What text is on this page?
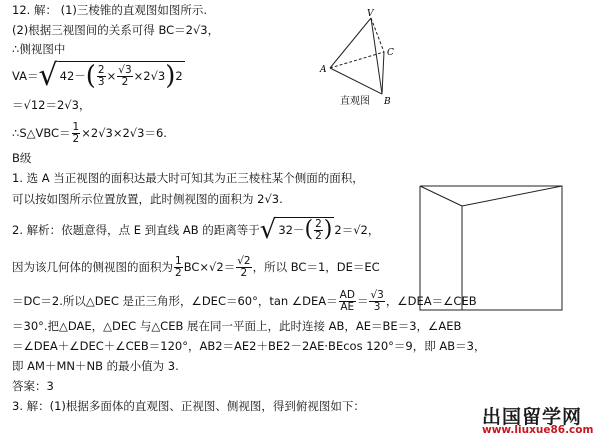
12. 解： (1)三棱锥的直观图如图所示.
(2)根据三视图间的关系可得 BC＝2√3，
∴侧视图中
VA＝ √ 42－ ( $\frac{2}{3} \times \frac{√3}{2} \times 2$ √3 ) 2
＝√12＝2√3，
∴S△VBC＝ $\frac{1}{2} \times 2$ √3 ×2 √3 ＝6.
V
A
B
C
直观图
B级
1. 选 A 当正视图的面积达最大时可知其为正三棱柱某个侧面的面积，
可以按如图所示位置放置，此时侧视图的面积为 2√3.
2. 解析：依题意得，点 E 到直线 AB 的距离等于 √ 32－ ( $\frac{2}{2}$ ) 2＝ √2 ，
因为该几何体的侧视图的面积为 $\frac{1}{2} BC\times √2 = \frac{√2}{2}$ ，所以 BC＝1，DE＝EC
＝DC＝2.所以△DEC 是正三角形，∠DEC＝60°，tan ∠DEA＝ $\frac{AD}{AE} = \frac{√3}{3}$ ，∠DEA＝∠CEB
＝30°.把△DAE，△DEC 与△CEB 展在同一平面上，此时连接 AB，AE＝BE＝3，∠AEB
＝∠DEA＋∠DEC＋∠CEB＝120°，AB2＝AE2＋BE2－2AE·BEcos 120°＝9，即 AB＝3，
即 AM＋MN＋NB 的最小值为 3.
答案：3
3. 解：(1)根据多面体的直观图、正视图、侧视图，得到俯视图如下：	出国留学网
www.liuxue86.com
